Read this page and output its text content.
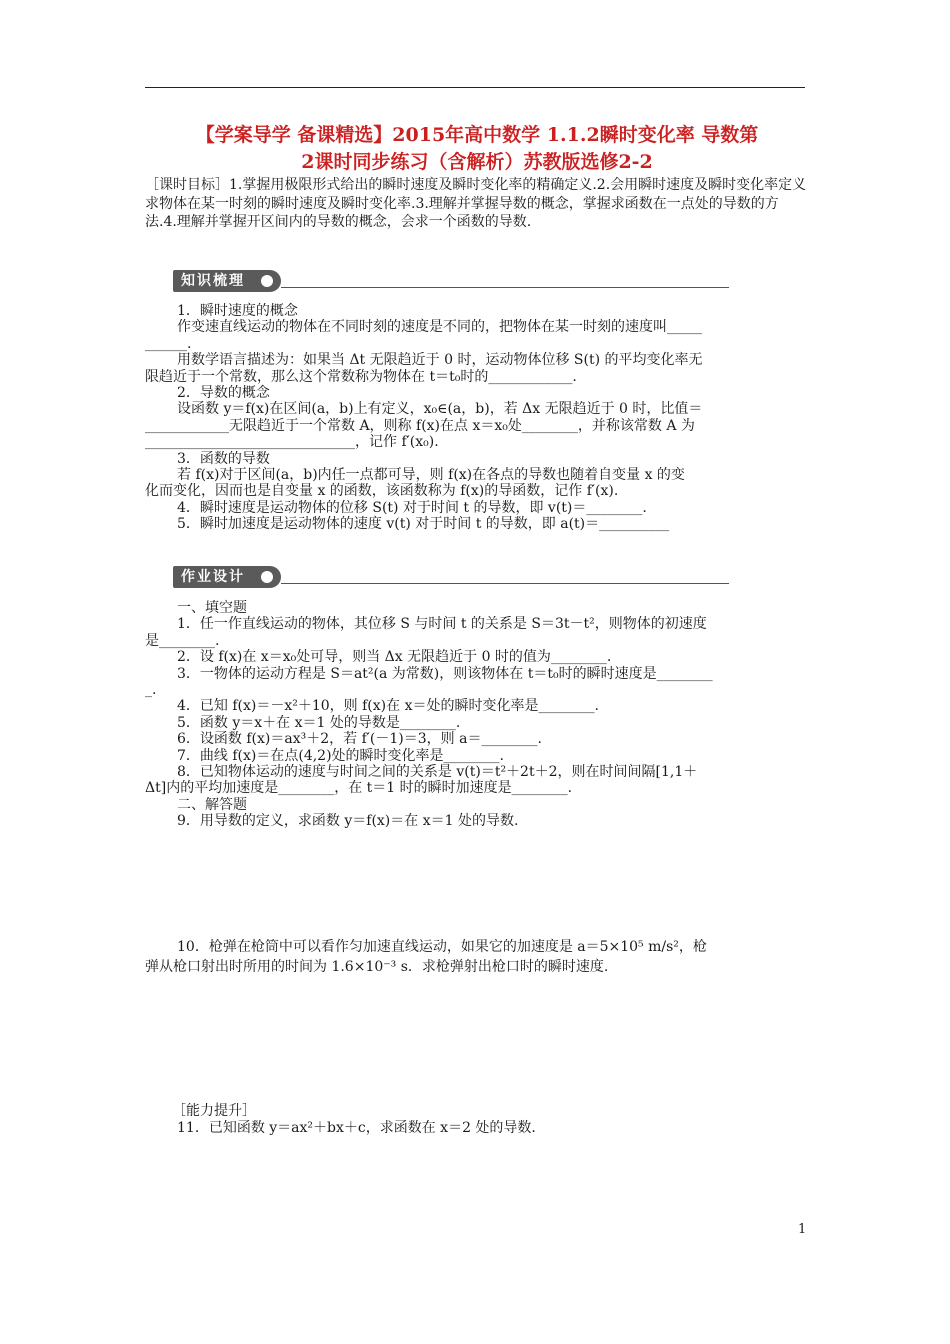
【学案导学 备课精选】2015年高中数学 1.1.2瞬时变化率 导数第
2课时同步练习（含解析）苏教版选修2-2
［课时目标］1.掌握用极限形式给出的瞬时速度及瞬时变化率的精确定义.2.会用瞬时速度及瞬时变化率定义求物体在某一时刻的瞬时速度及瞬时变化率.3.理解并掌握导数的概念，掌握求函数在一点处的导数的方法.4.理解并掌握开区间内的导数的概念，会求一个函数的导数.
知识梳理

1．瞬时速度的概念

作变速直线运动的物体在不同时刻的速度是不同的，把物体在某一时刻的速度叫_____

______.

用数学语言描述为：如果当 Δt 无限趋近于 0 时，运动物体位移 S(t) 的平均变化率无

限趋近于一个常数，那么这个常数称为物体在 t＝t₀时的____________.

2．导数的概念

设函数 y＝f(x)在区间(a，b)上有定义，x₀∈(a，b)，若 Δx 无限趋近于 0 时，比值＝

____________无限趋近于一个常数 A，则称 f(x)在点 x＝x₀处________，并称该常数 A 为

______________________________，记作 f′(x₀).

3．函数的导数

若 f(x)对于区间(a，b)内任一点都可导，则 f(x)在各点的导数也随着自变量 x 的变

化而变化，因而也是自变量 x 的函数，该函数称为 f(x)的导函数，记作 f′(x).

4．瞬时速度是运动物体的位移 S(t) 对于时间 t 的导数，即 v(t)＝________.

5．瞬时加速度是运动物体的速度 v(t) 对于时间 t 的导数，即 a(t)＝__________

作业设计

一、填空题

1．任一作直线运动的物体，其位移 S 与时间 t 的关系是 S＝3t－t²，则物体的初速度

是________.

2．设 f(x)在 x＝x₀处可导，则当 Δx 无限趋近于 0 时的值为________.

3．一物体的运动方程是 S＝at²(a 为常数)，则该物体在 t＝t₀时的瞬时速度是________

_.

4．已知 f(x)＝－x²＋10，则 f(x)在 x＝处的瞬时变化率是________.

5．函数 y＝x＋在 x＝1 处的导数是________.

6．设函数 f(x)＝ax³＋2，若 f′(－1)＝3，则 a＝________.

7．曲线 f(x)＝在点(4,2)处的瞬时变化率是________.

8．已知物体运动的速度与时间之间的关系是 v(t)＝t²＋2t＋2，则在时间间隔[1,1＋

Δt]内的平均加速度是________，在 t＝1 时的瞬时加速度是________.

二、解答题

9．用导数的定义，求函数 y＝f(x)＝在 x＝1 处的导数.

10．枪弹在枪筒中可以看作匀加速直线运动，如果它的加速度是 a＝5×10⁵ m/s²，枪

弹从枪口射出时所用的时间为 1.6×10⁻³ s．求枪弹射出枪口时的瞬时速度.

［能力提升］

11．已知函数 y＝ax²＋bx＋c，求函数在 x＝2 处的导数.

1
